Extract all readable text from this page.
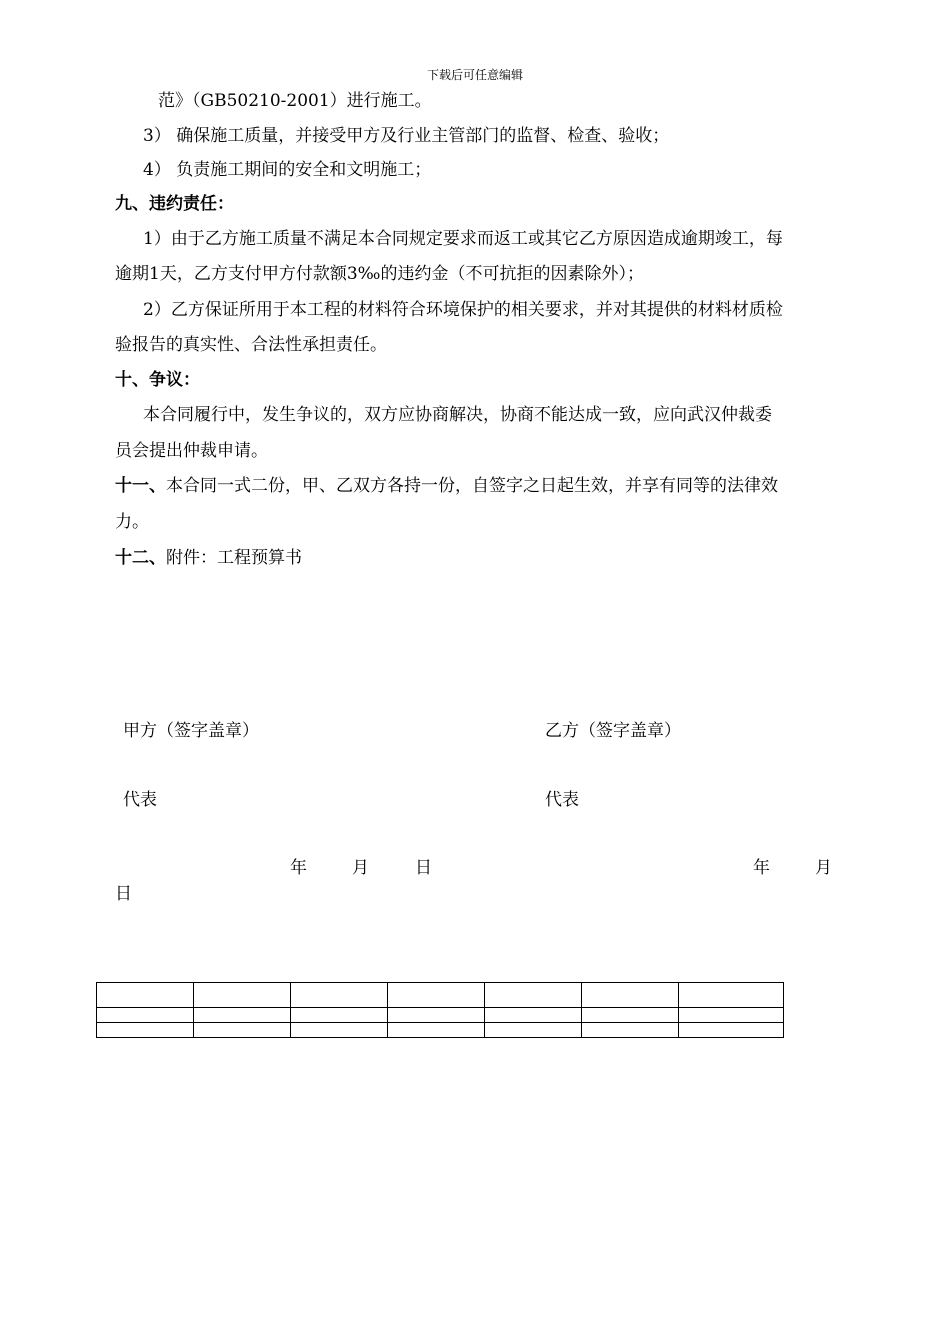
下载后可任意编辑
范》（GB50210-2001）进行施工。
3） 确保施工质量，并接受甲方及行业主管部门的监督、检查、验收；
4） 负责施工期间的安全和文明施工；
九、违约责任：
1）由于乙方施工质量不满足本合同规定要求而返工或其它乙方原因造成逾期竣工，每
逾期1天，乙方支付甲方付款额3‰的违约金（不可抗拒的因素除外）；
2）乙方保证所用于本工程的材料符合环境保护的相关要求，并对其提供的材料材质检
验报告的真实性、合法性承担责任。
十、争议：
本合同履行中，发生争议的，双方应协商解决，协商不能达成一致，应向武汉仲裁委
员会提出仲裁申请。
十一、本合同一式二份，甲、乙双方各持一份，自签字之日起生效，并享有同等的法律效
力。
十二、附件：工程预算书
甲方（签字盖章）	乙方（签字盖章）
代表	代表
年	月	日	年	月
日
